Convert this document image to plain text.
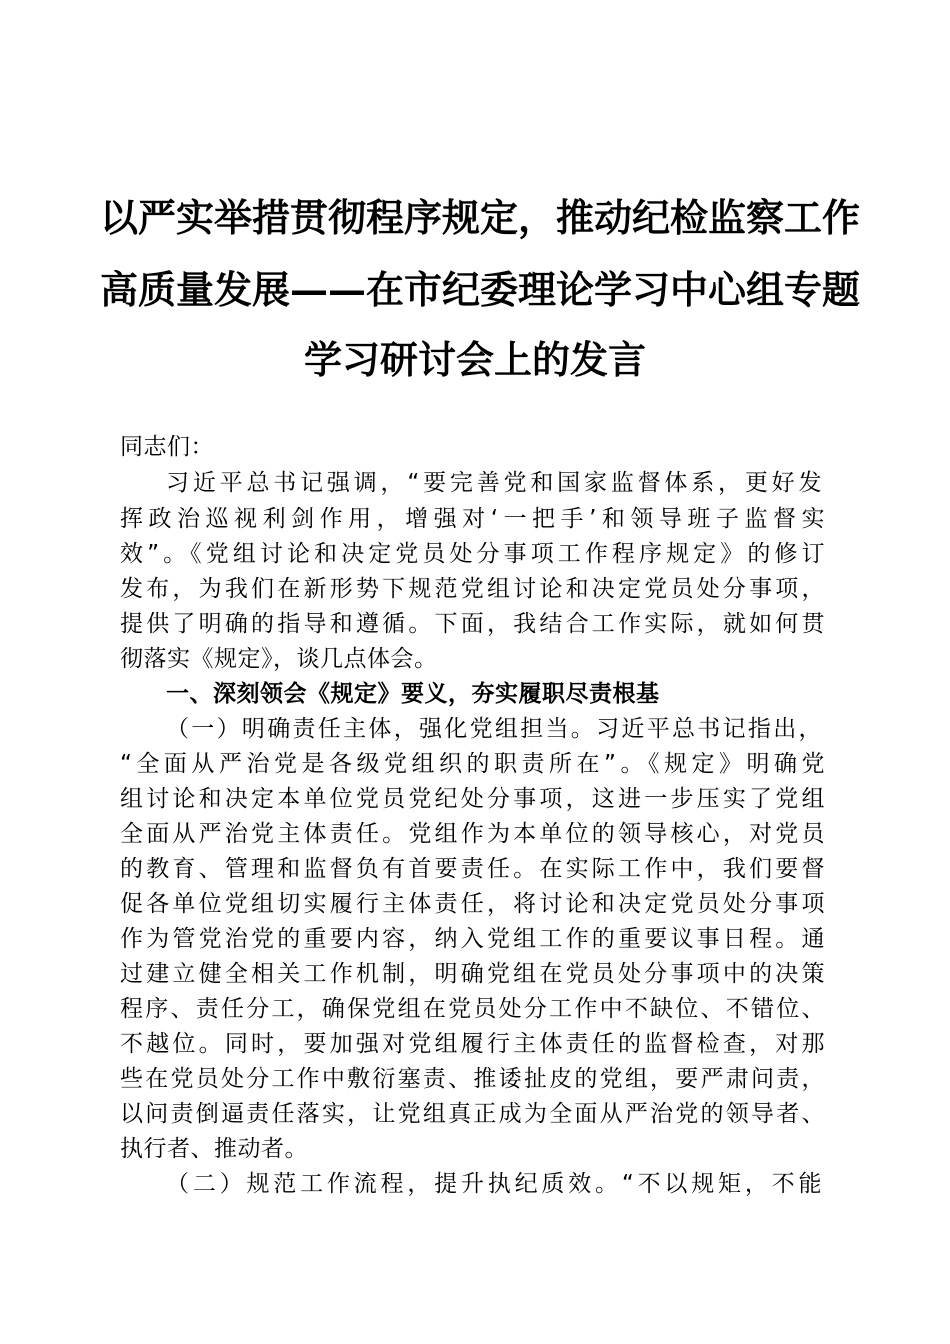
以严实举措贯彻程序规定，推动纪检监察工作
高质量发展——在市纪委理论学习中心组专题
学习研讨会上的发言
同志们：
习近平总书记强调，“要完善党和国家监督体系，更好发
挥政治巡视利剑作用，增强对‘一把手’和领导班子监督实
效”。《党组讨论和决定党员处分事项工作程序规定》的修订
发布，为我们在新形势下规范党组讨论和决定党员处分事项，
提供了明确的指导和遵循。下面，我结合工作实际，就如何贯
彻落实《规定》，谈几点体会。
一、深刻领会《规定》要义，夯实履职尽责根基
（一）明确责任主体，强化党组担当。习近平总书记指出，
“全面从严治党是各级党组织的职责所在”。《规定》明确党
组讨论和决定本单位党员党纪处分事项，这进一步压实了党组
全面从严治党主体责任。党组作为本单位的领导核心，对党员
的教育、管理和监督负有首要责任。在实际工作中，我们要督
促各单位党组切实履行主体责任，将讨论和决定党员处分事项
作为管党治党的重要内容，纳入党组工作的重要议事日程。通
过建立健全相关工作机制，明确党组在党员处分事项中的决策
程序、责任分工，确保党组在党员处分工作中不缺位、不错位、
不越位。同时，要加强对党组履行主体责任的监督检查，对那
些在党员处分工作中敷衍塞责、推诿扯皮的党组，要严肃问责，
以问责倒逼责任落实，让党组真正成为全面从严治党的领导者、
执行者、推动者。
（二）规范工作流程，提升执纪质效。“不以规矩，不能
